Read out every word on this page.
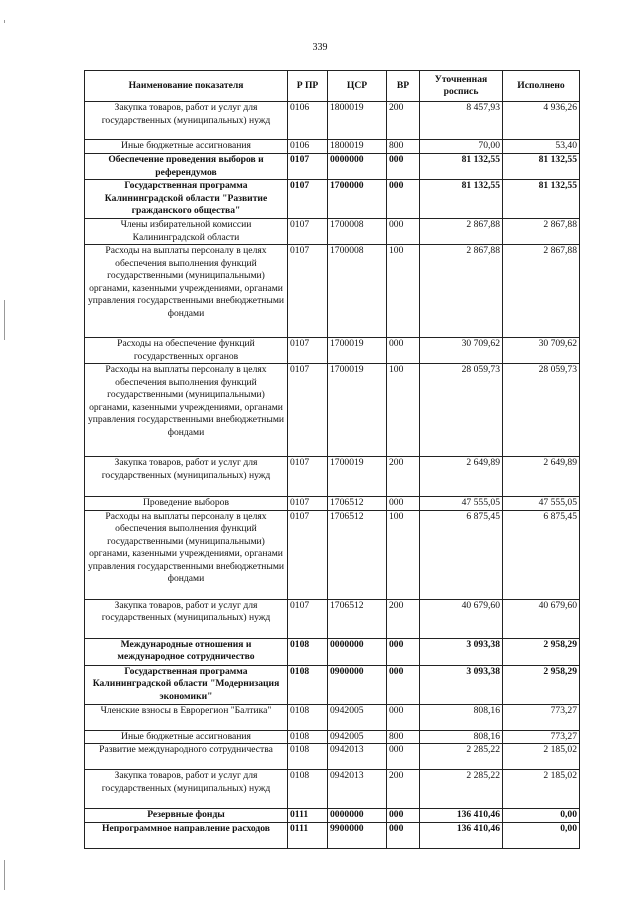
339
Наименование показателя	Р ПР	ЦСР	ВР	Уточненная роспись	Исполнено
Закупка товаров, работ и услуг для государственных (муниципальных) нужд	0106	1800019	200	8 457,93	4 936,26
Иные бюджетные ассигнования	0106	1800019	800	70,00	53,40
Обеспечение проведения выборов и референдумов	0107	0000000	000	81 132,55	81 132,55
Государственная программа Калининградской области "Развитие гражданского общества"	0107	1700000	000	81 132,55	81 132,55
Члены избирательной комиссии Калининградской области	0107	1700008	000	2 867,88	2 867,88
Расходы на выплаты персоналу в целях обеспечения выполнения функций государственными (муниципальными) органами, казенными учреждениями, органами управления государственными внебюджетными фондами	0107	1700008	100	2 867,88	2 867,88
Расходы на обеспечение функций государственных органов	0107	1700019	000	30 709,62	30 709,62
Расходы на выплаты персоналу в целях обеспечения выполнения функций государственными (муниципальными) органами, казенными учреждениями, органами управления государственными внебюджетными фондами	0107	1700019	100	28 059,73	28 059,73
Закупка товаров, работ и услуг для государственных (муниципальных) нужд	0107	1700019	200	2 649,89	2 649,89
Проведение выборов	0107	1706512	000	47 555,05	47 555,05
Расходы на выплаты персоналу в целях обеспечения выполнения функций государственными (муниципальными) органами, казенными учреждениями, органами управления государственными внебюджетными фондами	0107	1706512	100	6 875,45	6 875,45
Закупка товаров, работ и услуг для государственных (муниципальных) нужд	0107	1706512	200	40 679,60	40 679,60
Международные отношения и международное сотрудничество	0108	0000000	000	3 093,38	2 958,29
Государственная программа Калининградской области "Модернизация экономики"	0108	0900000	000	3 093,38	2 958,29
Членские взносы в Еврорегион "Балтика"	0108	0942005	000	808,16	773,27
Иные бюджетные ассигнования	0108	0942005	800	808,16	773,27
Развитие международного сотрудничества	0108	0942013	000	2 285,22	2 185,02
Закупка товаров, работ и услуг для государственных (муниципальных) нужд	0108	0942013	200	2 285,22	2 185,02
Резервные фонды	0111	0000000	000	136 410,46	0,00
Непрограммное направление расходов	0111	9900000	000	136 410,46	0,00
